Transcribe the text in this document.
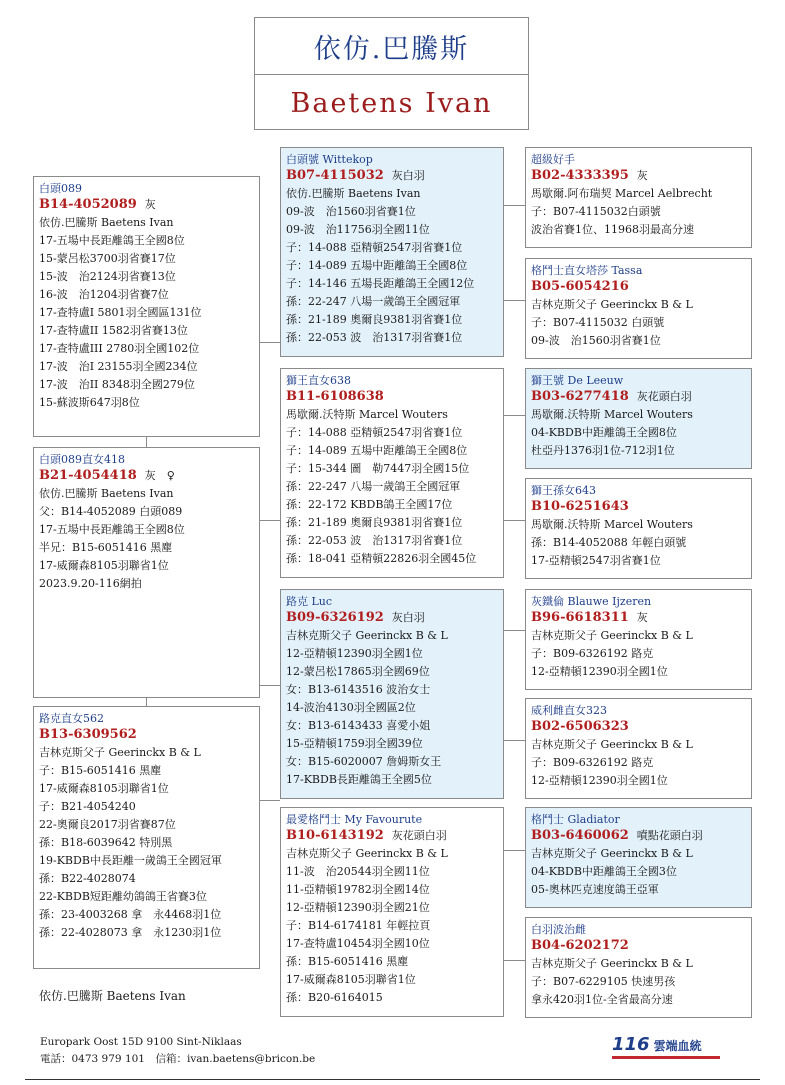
依仿.巴騰斯
Baetens Ivan
白頭089
B14-4052089 灰
依仿.巴騰斯 Baetens Ivan
17-五場中長距離鴿王全國8位
15-蒙呂松3700羽省賽17位
15-波　治2124羽省賽13位
16-波　治1204羽省賽7位
17-查特盧I 5801羽全國區131位
17-查特盧II 1582羽省賽13位
17-查特盧III 2780羽全國102位
17-波　治I 23155羽全國234位
17-波　治II 8348羽全國279位
15-蘇波斯647羽8位
白頭089直女418
B21-4054418 灰　♀
依仿.巴騰斯 Baetens Ivan
父：B14-4052089 白頭089
17-五場中長距離鴿王全國8位
半兄：B15-6051416 黑塵
17-威爾森8105羽聯省1位
2023.9.20-116網拍
路克直女562
B13-6309562
吉林克斯父子 Geerinckx B & L
子：B15-6051416 黑塵
17-威爾森8105羽聯省1位
子：B21-4054240
22-奧爾良2017羽省賽87位
孫：B18-6039642 特別黑
19-KBDB中長距離一歲鴿王全國冠軍
孫：B22-4028074
22-KBDB短距離幼鴿鴿王省賽3位
孫：23-4003268 拿　永4468羽1位
孫：22-4028073 拿　永1230羽1位
白頭號 Wittekop
B07-4115032 灰白羽
依仿.巴騰斯 Baetens Ivan
09-波　治1560羽省賽1位
09-波　治11756羽全國11位
子：14-088 亞精頓2547羽省賽1位
子：14-089 五場中距離鴿王全國8位
子：14-146 五場長距離鴿王全國12位
孫：22-247 八場一歲鴿王全國冠軍
孫：21-189 奧爾良9381羽省賽1位
孫：22-053 波　治1317羽省賽1位
獅王直女638
B11-6108638
馬歇爾.沃特斯 Marcel Wouters
子：14-088 亞精頓2547羽省賽1位
子：14-089 五場中距離鴿王全國8位
子：15-344 圖　勒7447羽全國15位
孫：22-247 八場一歲鴿王全國冠軍
孫：22-172 KBDB鴿王全國17位
孫：21-189 奧爾良9381羽省賽1位
孫：22-053 波　治1317羽省賽1位
孫：18-041 亞精頓22826羽全國45位
路克 Luc
B09-6326192 灰白羽
吉林克斯父子 Geerinckx B & L
12-亞精頓12390羽全國1位
12-蒙呂松17865羽全國69位
女：B13-6143516 波治女士
14-波治4130羽全國區2位
女：B13-6143433 喜愛小姐
15-亞精頓1759羽全國39位
女：B15-6020007 詹姆斯女王
17-KBDB長距離鴿王全國5位
最愛格鬥士 My Favourute
B10-6143192 灰花頭白羽
吉林克斯父子 Geerinckx B & L
11-波　治20544羽全國11位
11-亞精頓19782羽全國14位
12-亞精頓12390羽全國21位
子：B14-6174181 年輕拉頁
17-查特盧10454羽全國10位
孫：B15-6051416 黑塵
17-威爾森8105羽聯省1位
孫：B20-6164015
超級好手
B02-4333395 灰
馬歇爾.阿布瑞契 Marcel Aelbrecht
子：B07-4115032白頭號
波治省賽1位、11968羽最高分速
格鬥士直女塔莎 Tassa
B05-6054216
吉林克斯父子 Geerinckx B & L
子：B07-4115032 白頭號
09-波　治1560羽省賽1位
獅王號 De Leeuw
B03-6277418 灰花頭白羽
馬歇爾.沃特斯 Marcel Wouters
04-KBDB中距離鴿王全國8位
杜亞丹1376羽1位-712羽1位
獅王孫女643
B10-6251643
馬歇爾.沃特斯 Marcel Wouters
孫：B14-4052088 年輕白頭號
17-亞精頓2547羽省賽1位
灰鐵倫 Blauwe Ijzeren
B96-6618311 灰
吉林克斯父子 Geerinckx B & L
子：B09-6326192 路克
12-亞精頓12390羽全國1位
威利雌直女323
B02-6506323
吉林克斯父子 Geerinckx B & L
子：B09-6326192 路克
12-亞精頓12390羽全國1位
格鬥士 Gladiator
B03-6460062 噴點花頭白羽
吉林克斯父子 Geerinckx B & L
04-KBDB中距離鴿王全國3位
05-奧林匹克速度鴿王亞軍
白羽波治雌
B04-6202172
吉林克斯父子 Geerinckx B & L
子：B07-6229105 快速男孩
拿永420羽1位-全省最高分速
依仿.巴騰斯 Baetens Ivan
Europark Oost 15D 9100 Sint-Niklaas
電話：0473 979 101　信箱：ivan.baetens@bricon.be
116 雲端血統
